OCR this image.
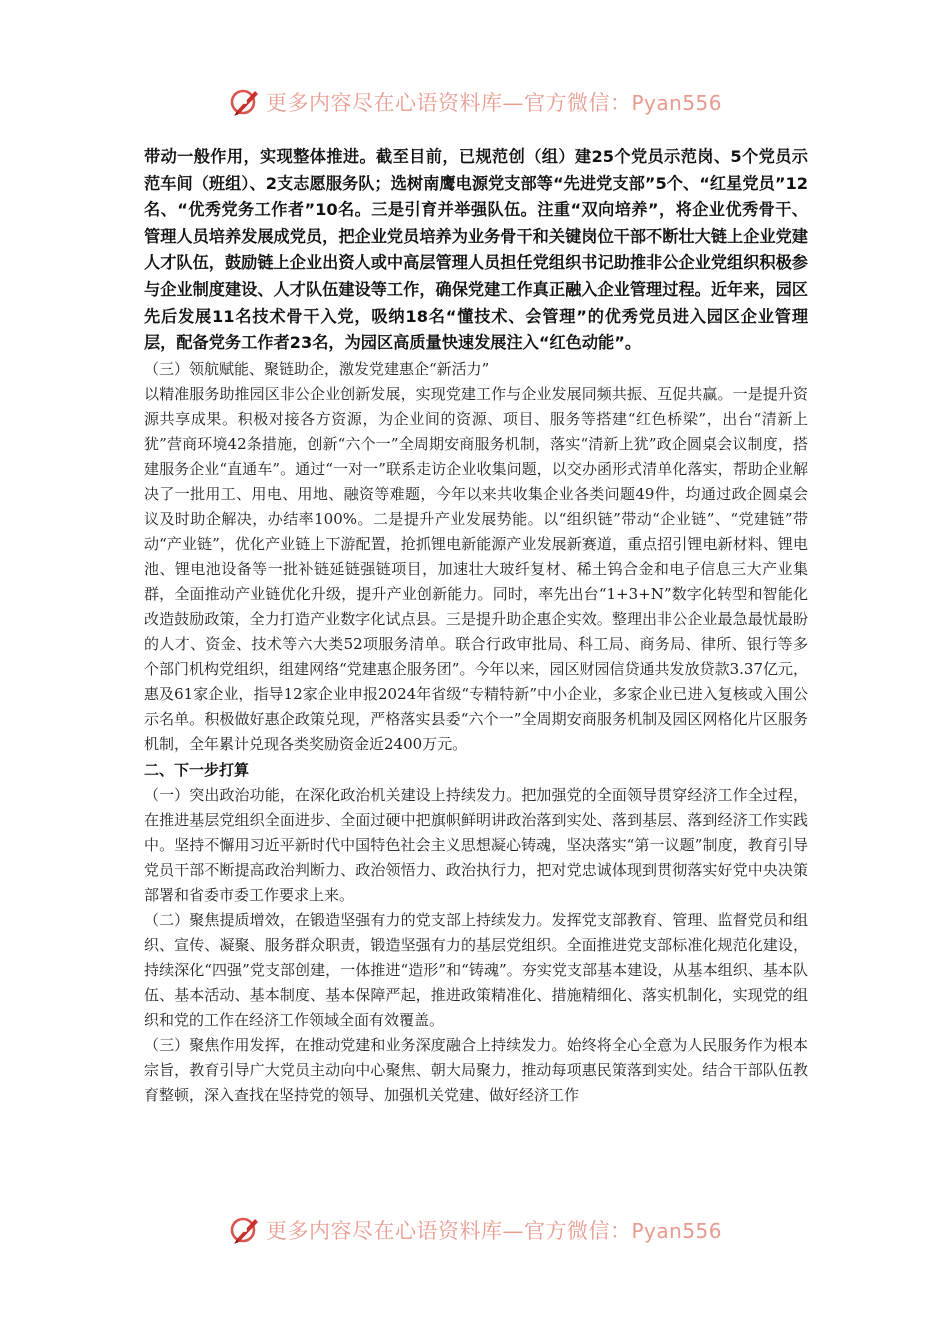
更多内容尽在心语资料库—官方微信：Pyan556

带动一般作用，实现整体推进。截至目前，已规范创（组）建25个党员示范岗、5个党员示范车间（班组）、2支志愿服务队；选树南鹰电源党支部等“先进党支部”5个、“红星党员”12名、“优秀党务工作者”10名。三是引育并举强队伍。注重“双向培养”，将企业优秀骨干、管理人员培养发展成党员，把企业党员培养为业务骨干和关键岗位干部不断壮大链上企业党建人才队伍，鼓励链上企业出资人或中高层管理人员担任党组织书记助推非公企业党组织积极参与企业制度建设、人才队伍建设等工作，确保党建工作真正融入企业管理过程。近年来，园区先后发展11名技术骨干入党，吸纳18名“懂技术、会管理”的优秀党员进入园区企业管理层，配备党务工作者23名，为园区高质量快速发展注入“红色动能”。

（三）领航赋能、聚链助企，激发党建惠企“新活力”

以精准服务助推园区非公企业创新发展，实现党建工作与企业发展同频共振、互促共赢。一是提升资源共享成果。积极对接各方资源，为企业间的资源、项目、服务等搭建“红色桥梁”，出台“清新上犹”营商环境42条措施，创新“六个一”全周期安商服务机制，落实“清新上犹”政企圆桌会议制度，搭建服务企业“直通车”。通过“一对一”联系走访企业收集问题，以交办函形式清单化落实，帮助企业解决了一批用工、用电、用地、融资等难题，今年以来共收集企业各类问题49件，均通过政企圆桌会议及时助企解决，办结率100%。二是提升产业发展势能。以“组织链”带动“企业链”、“党建链”带动“产业链”，优化产业链上下游配置，抢抓锂电新能源产业发展新赛道，重点招引锂电新材料、锂电池、锂电池设备等一批补链延链强链项目，加速壮大玻纤复材、稀土钨合金和电子信息三大产业集群，全面推动产业链优化升级，提升产业创新能力。同时，率先出台“1+3+N”数字化转型和智能化改造鼓励政策，全力打造产业数字化试点县。三是提升助企惠企实效。整理出非公企业最急最忧最盼的人才、资金、技术等六大类52项服务清单。联合行政审批局、科工局、商务局、律所、银行等多个部门机构党组织，组建网络“党建惠企服务团”。今年以来，园区财园信贷通共发放贷款3.37亿元，惠及61家企业，指导12家企业申报2024年省级“专精特新”中小企业，多家企业已进入复核或入围公示名单。积极做好惠企政策兑现，严格落实县委“六个一”全周期安商服务机制及园区网格化片区服务机制，全年累计兑现各类奖励资金近2400万元。

二、下一步打算

（一）突出政治功能，在深化政治机关建设上持续发力。把加强党的全面领导贯穿经济工作全过程，在推进基层党组织全面进步、全面过硬中把旗帜鲜明讲政治落到实处、落到基层、落到经济工作实践中。坚持不懈用习近平新时代中国特色社会主义思想凝心铸魂，坚决落实“第一议题”制度，教育引导党员干部不断提高政治判断力、政治领悟力、政治执行力，把对党忠诚体现到贯彻落实好党中央决策部署和省委市委工作要求上来。

（二）聚焦提质增效，在锻造坚强有力的党支部上持续发力。发挥党支部教育、管理、监督党员和组织、宣传、凝聚、服务群众职责，锻造坚强有力的基层党组织。全面推进党支部标准化规范化建设，持续深化“四强”党支部创建，一体推进“造形”和“铸魂”。夯实党支部基本建设，从基本组织、基本队伍、基本活动、基本制度、基本保障严起，推进政策精准化、措施精细化、落实机制化，实现党的组织和党的工作在经济工作领域全面有效覆盖。

（三）聚焦作用发挥，在推动党建和业务深度融合上持续发力。始终将全心全意为人民服务作为根本宗旨，教育引导广大党员主动向中心聚焦、朝大局聚力，推动每项惠民策落到实处。结合干部队伍教育整顿，深入查找在坚持党的领导、加强机关党建、做好经济工作

更多内容尽在心语资料库—官方微信：Pyan556
